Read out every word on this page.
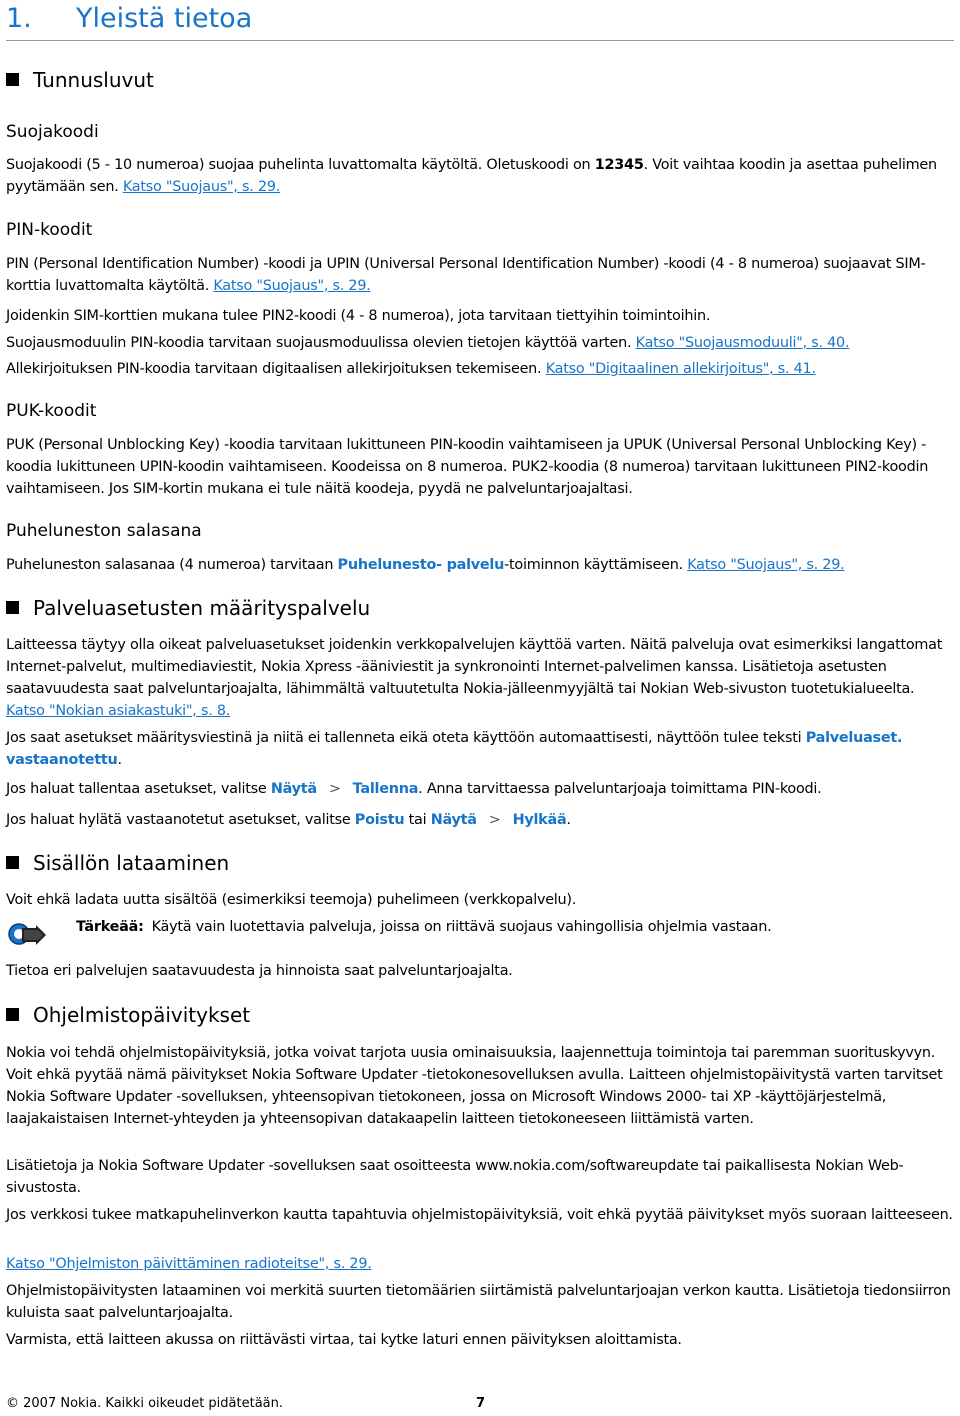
1. Yleistä tietoa
Tunnusluvut
Suojakoodi
Suojakoodi (5 - 10 numeroa) suojaa puhelinta luvattomalta käytöltä. Oletuskoodi on 12345. Voit vaihtaa koodin ja asettaa puhelimen pyytämään sen. Katso "Suojaus", s. 29.
PIN-koodit
PIN (Personal Identification Number) -koodi ja UPIN (Universal Personal Identification Number) -koodi (4 - 8 numeroa) suojaavat SIM-korttia luvattomalta käytöltä. Katso "Suojaus", s. 29.
Joidenkin SIM-korttien mukana tulee PIN2-koodi (4 - 8 numeroa), jota tarvitaan tiettyihin toimintoihin.
Suojausmoduulin PIN-koodia tarvitaan suojausmoduulissa olevien tietojen käyttöä varten. Katso "Suojausmoduuli", s. 40.
Allekirjoituksen PIN-koodia tarvitaan digitaalisen allekirjoituksen tekemiseen. Katso "Digitaalinen allekirjoitus", s. 41.
PUK-koodit
PUK (Personal Unblocking Key) -koodia tarvitaan lukittuneen PIN-koodin vaihtamiseen ja UPUK (Universal Personal Unblocking Key) -koodia lukittuneen UPIN-koodin vaihtamiseen. Koodeissa on 8 numeroa. PUK2-koodia (8 numeroa) tarvitaan lukittuneen PIN2-koodin vaihtamiseen. Jos SIM-kortin mukana ei tule näitä koodeja, pyydä ne palveluntarjoajaltasi.
Puheluneston salasana
Puheluneston salasanaa (4 numeroa) tarvitaan Puhelunesto- palvelu-toiminnon käyttämiseen. Katso "Suojaus", s. 29.
Palveluasetusten määrityspalvelu
Laitteessa täytyy olla oikeat palveluasetukset joidenkin verkkopalvelujen käyttöä varten. Näitä palveluja ovat esimerkiksi langattomat Internet-palvelut, multimediaviestit, Nokia Xpress -ääniviestit ja synkronointi Internet-palvelimen kanssa. Lisätietoja asetusten saatavuudesta saat palveluntarjoajalta, lähimmältä valtuutetulta Nokia-jälleenmyyjältä tai Nokian Web-sivuston tuotetukialueelta. Katso "Nokian asiakastuki", s. 8.
Jos saat asetukset määritysviestinä ja niitä ei tallenneta eikä oteta käyttöön automaattisesti, näyttöön tulee teksti Palveluaset. vastaanotettu.
Jos haluat tallentaa asetukset, valitse Näytä > Tallenna. Anna tarvittaessa palveluntarjoaja toimittama PIN-koodi.
Jos haluat hylätä vastaanotetut asetukset, valitse Poistu tai Näytä > Hylkää.
Sisällön lataaminen
Voit ehkä ladata uutta sisältöä (esimerkiksi teemoja) puhelimeen (verkkopalvelu).
Tärkeää: Käytä vain luotettavia palveluja, joissa on riittävä suojaus vahingollisia ohjelmia vastaan.
Tietoa eri palvelujen saatavuudesta ja hinnoista saat palveluntarjoajalta.
Ohjelmistopäivitykset
Nokia voi tehdä ohjelmistopäivityksiä, jotka voivat tarjota uusia ominaisuuksia, laajennettuja toimintoja tai paremman suorituskyvyn. Voit ehkä pyytää nämä päivitykset Nokia Software Updater -tietokonesovelluksen avulla. Laitteen ohjelmistopäivitystä varten tarvitset Nokia Software Updater -sovelluksen, yhteensopivan tietokoneen, jossa on Microsoft Windows 2000- tai XP -käyttöjärjestelmä, laajakaistaisen Internet-yhteyden ja yhteensopivan datakaapelin laitteen tietokoneeseen liittämistä varten.
Lisätietoja ja Nokia Software Updater -sovelluksen saat osoitteesta www.nokia.com/softwareupdate tai paikallisesta Nokian Web-sivustosta.
Jos verkkosi tukee matkapuhelinverkon kautta tapahtuvia ohjelmistopäivityksiä, voit ehkä pyytää päivitykset myös suoraan laitteeseen.
Katso "Ohjelmiston päivittäminen radioteitse", s. 29.
Ohjelmistopäivitysten lataaminen voi merkitä suurten tietomäärien siirtämistä palveluntarjoajan verkon kautta. Lisätietoja tiedonsiirron kuluista saat palveluntarjoajalta.
Varmista, että laitteen akussa on riittävästi virtaa, tai kytke laturi ennen päivityksen aloittamista.
© 2007 Nokia. Kaikki oikeudet pidätetään.	7
